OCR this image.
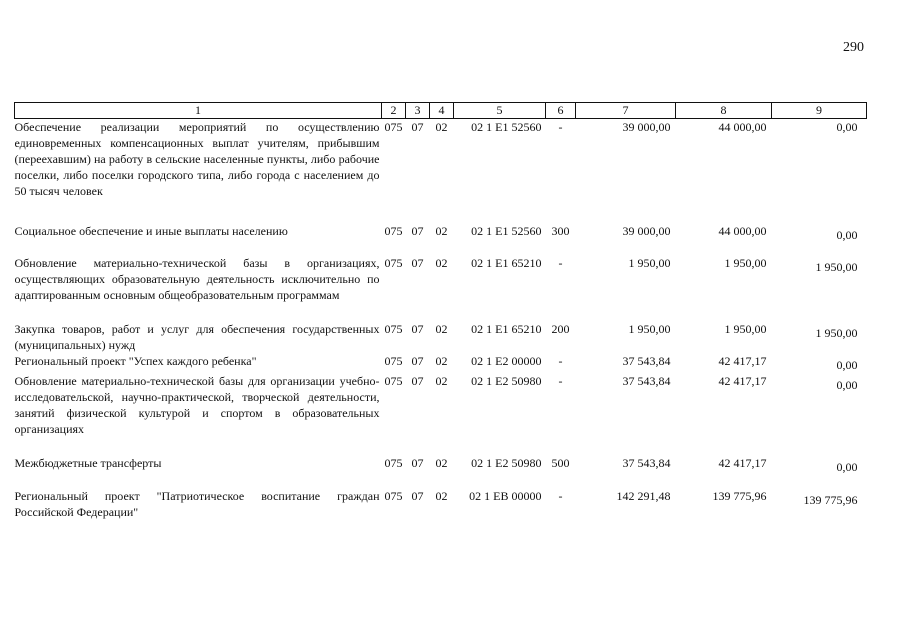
290
1	2	3	4	5	6	7	8	9
Обеспечение реализации мероприятий по осуществлению единовременных компенсационных выплат учителям, прибывшим (переехавшим) на работу в сельские населенные пункты, либо рабочие поселки, либо поселки городского типа, либо города с населением до 50 тысяч человек	075	07	02	02 1 E1 52560	-	39 000,00	44 000,00	0,00
Социальное обеспечение и иные выплаты населению	075	07	02	02 1 E1 52560	300	39 000,00	44 000,00	0,00
Обновление материально-технической базы в организациях, осуществляющих образовательную деятельность исключительно по адаптированным основным общеобразовательным программам	075	07	02	02 1 E1 65210	-	1 950,00	1 950,00	1 950,00
Закупка товаров, работ и услуг для обеспечения государственных (муниципальных) нужд	075	07	02	02 1 E1 65210	200	1 950,00	1 950,00	1 950,00
Региональный проект "Успех каждого ребенка"	075	07	02	02 1 E2 00000	-	37 543,84	42 417,17	0,00
Обновление материально-технической базы для организации учебно-исследовательской, научно-практической, творческой деятельности, занятий физической культурой и спортом в образовательных организациях	075	07	02	02 1 E2 50980	-	37 543,84	42 417,17	0,00
Межбюджетные трансферты	075	07	02	02 1 E2 50980	500	37 543,84	42 417,17	0,00
Региональный проект "Патриотическое воспитание граждан Российской Федерации"	075	07	02	02 1 EB 00000	-	142 291,48	139 775,96	139 775,96
